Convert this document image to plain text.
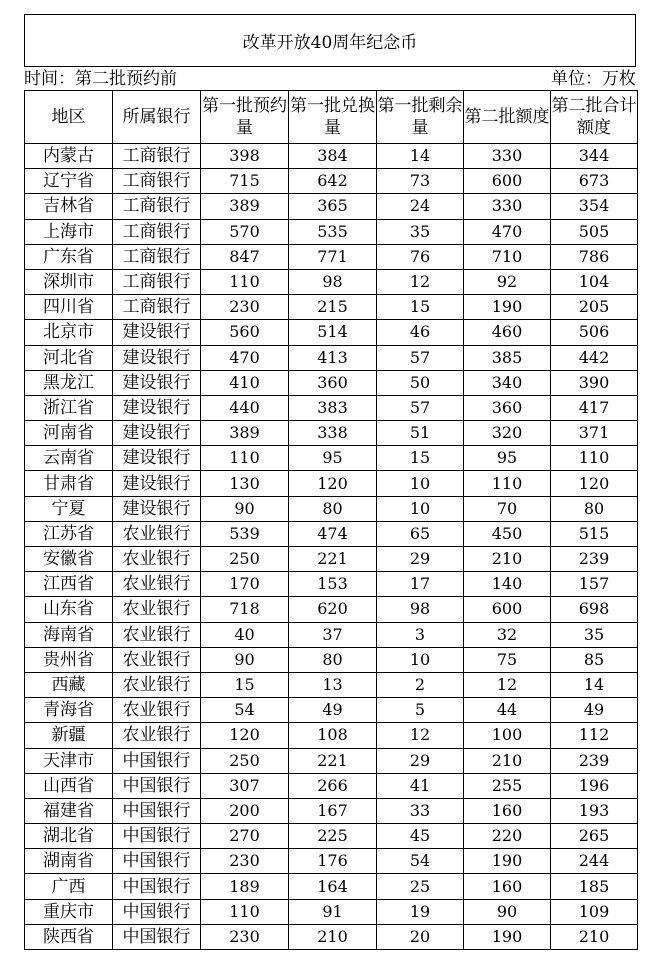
改革开放40周年纪念币
时间：第二批预约前	单位：万枚
地区	所属银行	第一批预约量	第一批兑换量	第一批剩余量	第二批额度	第二批合计额度
内蒙古	工商银行	398	384	14	330	344
辽宁省	工商银行	715	642	73	600	673
吉林省	工商银行	389	365	24	330	354
上海市	工商银行	570	535	35	470	505
广东省	工商银行	847	771	76	710	786
深圳市	工商银行	110	98	12	92	104
四川省	工商银行	230	215	15	190	205
北京市	建设银行	560	514	46	460	506
河北省	建设银行	470	413	57	385	442
黑龙江	建设银行	410	360	50	340	390
浙江省	建设银行	440	383	57	360	417
河南省	建设银行	389	338	51	320	371
云南省	建设银行	110	95	15	95	110
甘肃省	建设银行	130	120	10	110	120
宁夏	建设银行	90	80	10	70	80
江苏省	农业银行	539	474	65	450	515
安徽省	农业银行	250	221	29	210	239
江西省	农业银行	170	153	17	140	157
山东省	农业银行	718	620	98	600	698
海南省	农业银行	40	37	3	32	35
贵州省	农业银行	90	80	10	75	85
西藏	农业银行	15	13	2	12	14
青海省	农业银行	54	49	5	44	49
新疆	农业银行	120	108	12	100	112
天津市	中国银行	250	221	29	210	239
山西省	中国银行	307	266	41	255	196
福建省	中国银行	200	167	33	160	193
湖北省	中国银行	270	225	45	220	265
湖南省	中国银行	230	176	54	190	244
广西	中国银行	189	164	25	160	185
重庆市	中国银行	110	91	19	90	109
陕西省	中国银行	230	210	20	190	210
